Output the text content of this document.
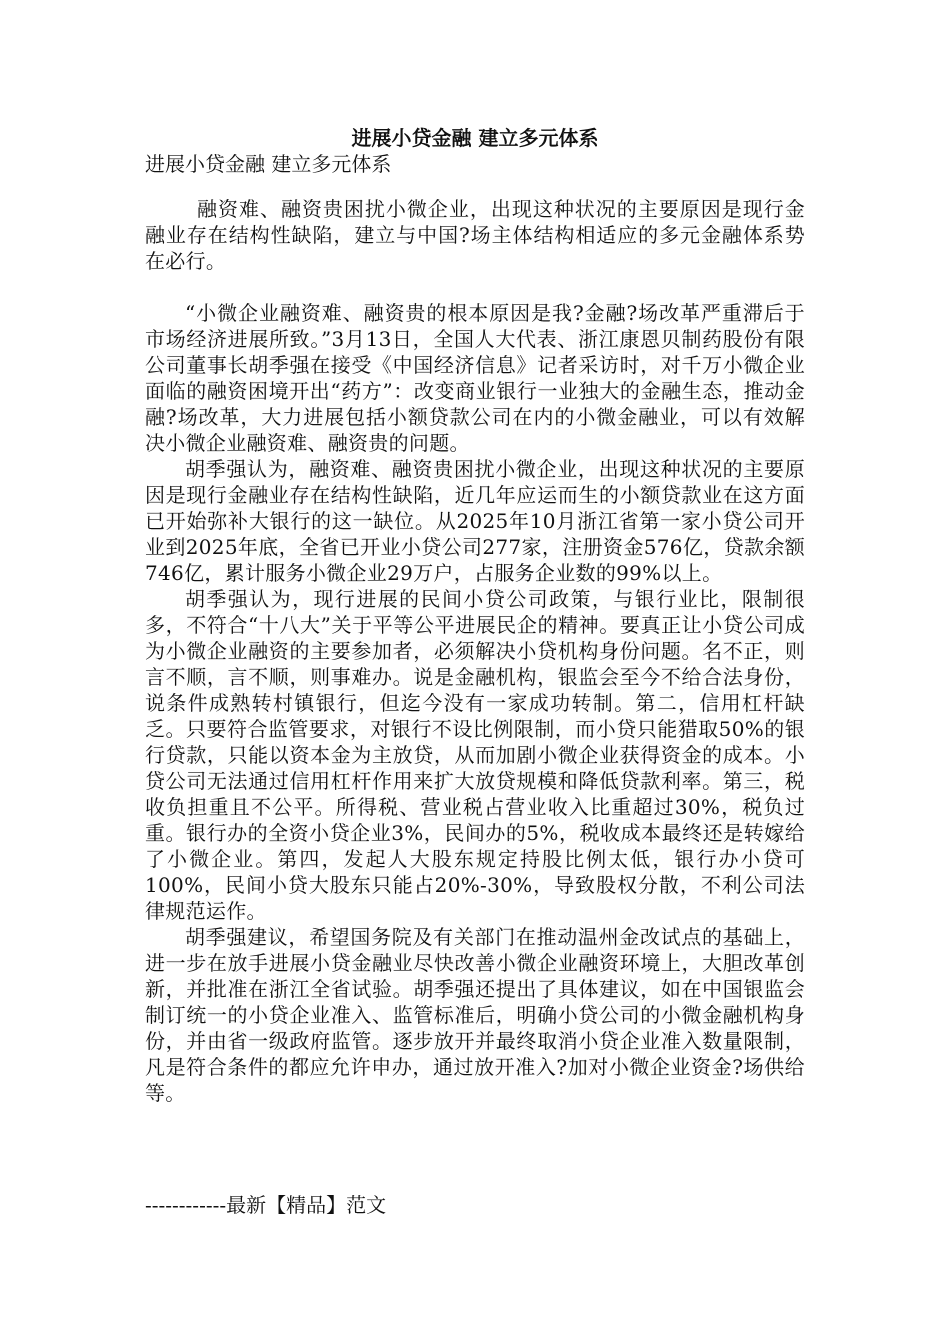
进展小贷金融 建立多元体系
进展小贷金融 建立多元体系

融资难、融资贵困扰小微企业，出现这种状况的主要原因是现行金融业存在结构性缺陷，建立与中国?场主体结构相适应的多元金融体系势在必行。

“小微企业融资难、融资贵的根本原因是我?金融?场改革严重滞后于市场经济进展所致。”3月13日，全国人大代表、浙江康恩贝制药股份有限公司董事长胡季强在接受《中国经济信息》记者采访时，对千万小微企业面临的融资困境开出“药方”：改变商业银行一业独大的金融生态，推动金融?场改革，大力进展包括小额贷款公司在内的小微金融业，可以有效解决小微企业融资难、融资贵的问题。

胡季强认为，融资难、融资贵困扰小微企业，出现这种状况的主要原因是现行金融业存在结构性缺陷，近几年应运而生的小额贷款业在这方面已开始弥补大银行的这一缺位。从2025年10月浙江省第一家小贷公司开业到2025年底，全省已开业小贷公司277家，注册资金576亿，贷款余额746亿，累计服务小微企业29万户，占服务企业数的99%以上。

胡季强认为，现行进展的民间小贷公司政策，与银行业比，限制很多，不符合“十八大”关于平等公平进展民企的精神。要真正让小贷公司成为小微企业融资的主要参加者，必须解决小贷机构身份问题。名不正，则言不顺，言不顺，则事难办。说是金融机构，银监会至今不给合法身份，说条件成熟转村镇银行，但迄今没有一家成功转制。第二，信用杠杆缺乏。只要符合监管要求，对银行不设比例限制，而小贷只能猎取50%的银行贷款，只能以资本金为主放贷，从而加剧小微企业获得资金的成本。小贷公司无法通过信用杠杆作用来扩大放贷规模和降低贷款利率。第三，税收负担重且不公平。所得税、营业税占营业收入比重超过30%，税负过重。银行办的全资小贷企业3%，民间办的5%，税收成本最终还是转嫁给了小微企业。第四，发起人大股东规定持股比例太低，银行办小贷可100%，民间小贷大股东只能占20%-30%，导致股权分散，不利公司法律规范运作。

胡季强建议，希望国务院及有关部门在推动温州金改试点的基础上，进一步在放手进展小贷金融业尽快改善小微企业融资环境上，大胆改革创新，并批准在浙江全省试验。胡季强还提出了具体建议，如在中国银监会制订统一的小贷企业准入、监管标准后，明确小贷公司的小微金融机构身份，并由省一级政府监管。逐步放开并最终取消小贷企业准入数量限制，凡是符合条件的都应允许申办，通过放开准入?加对小微企业资金?场供给等。

------------最新【精品】范文
